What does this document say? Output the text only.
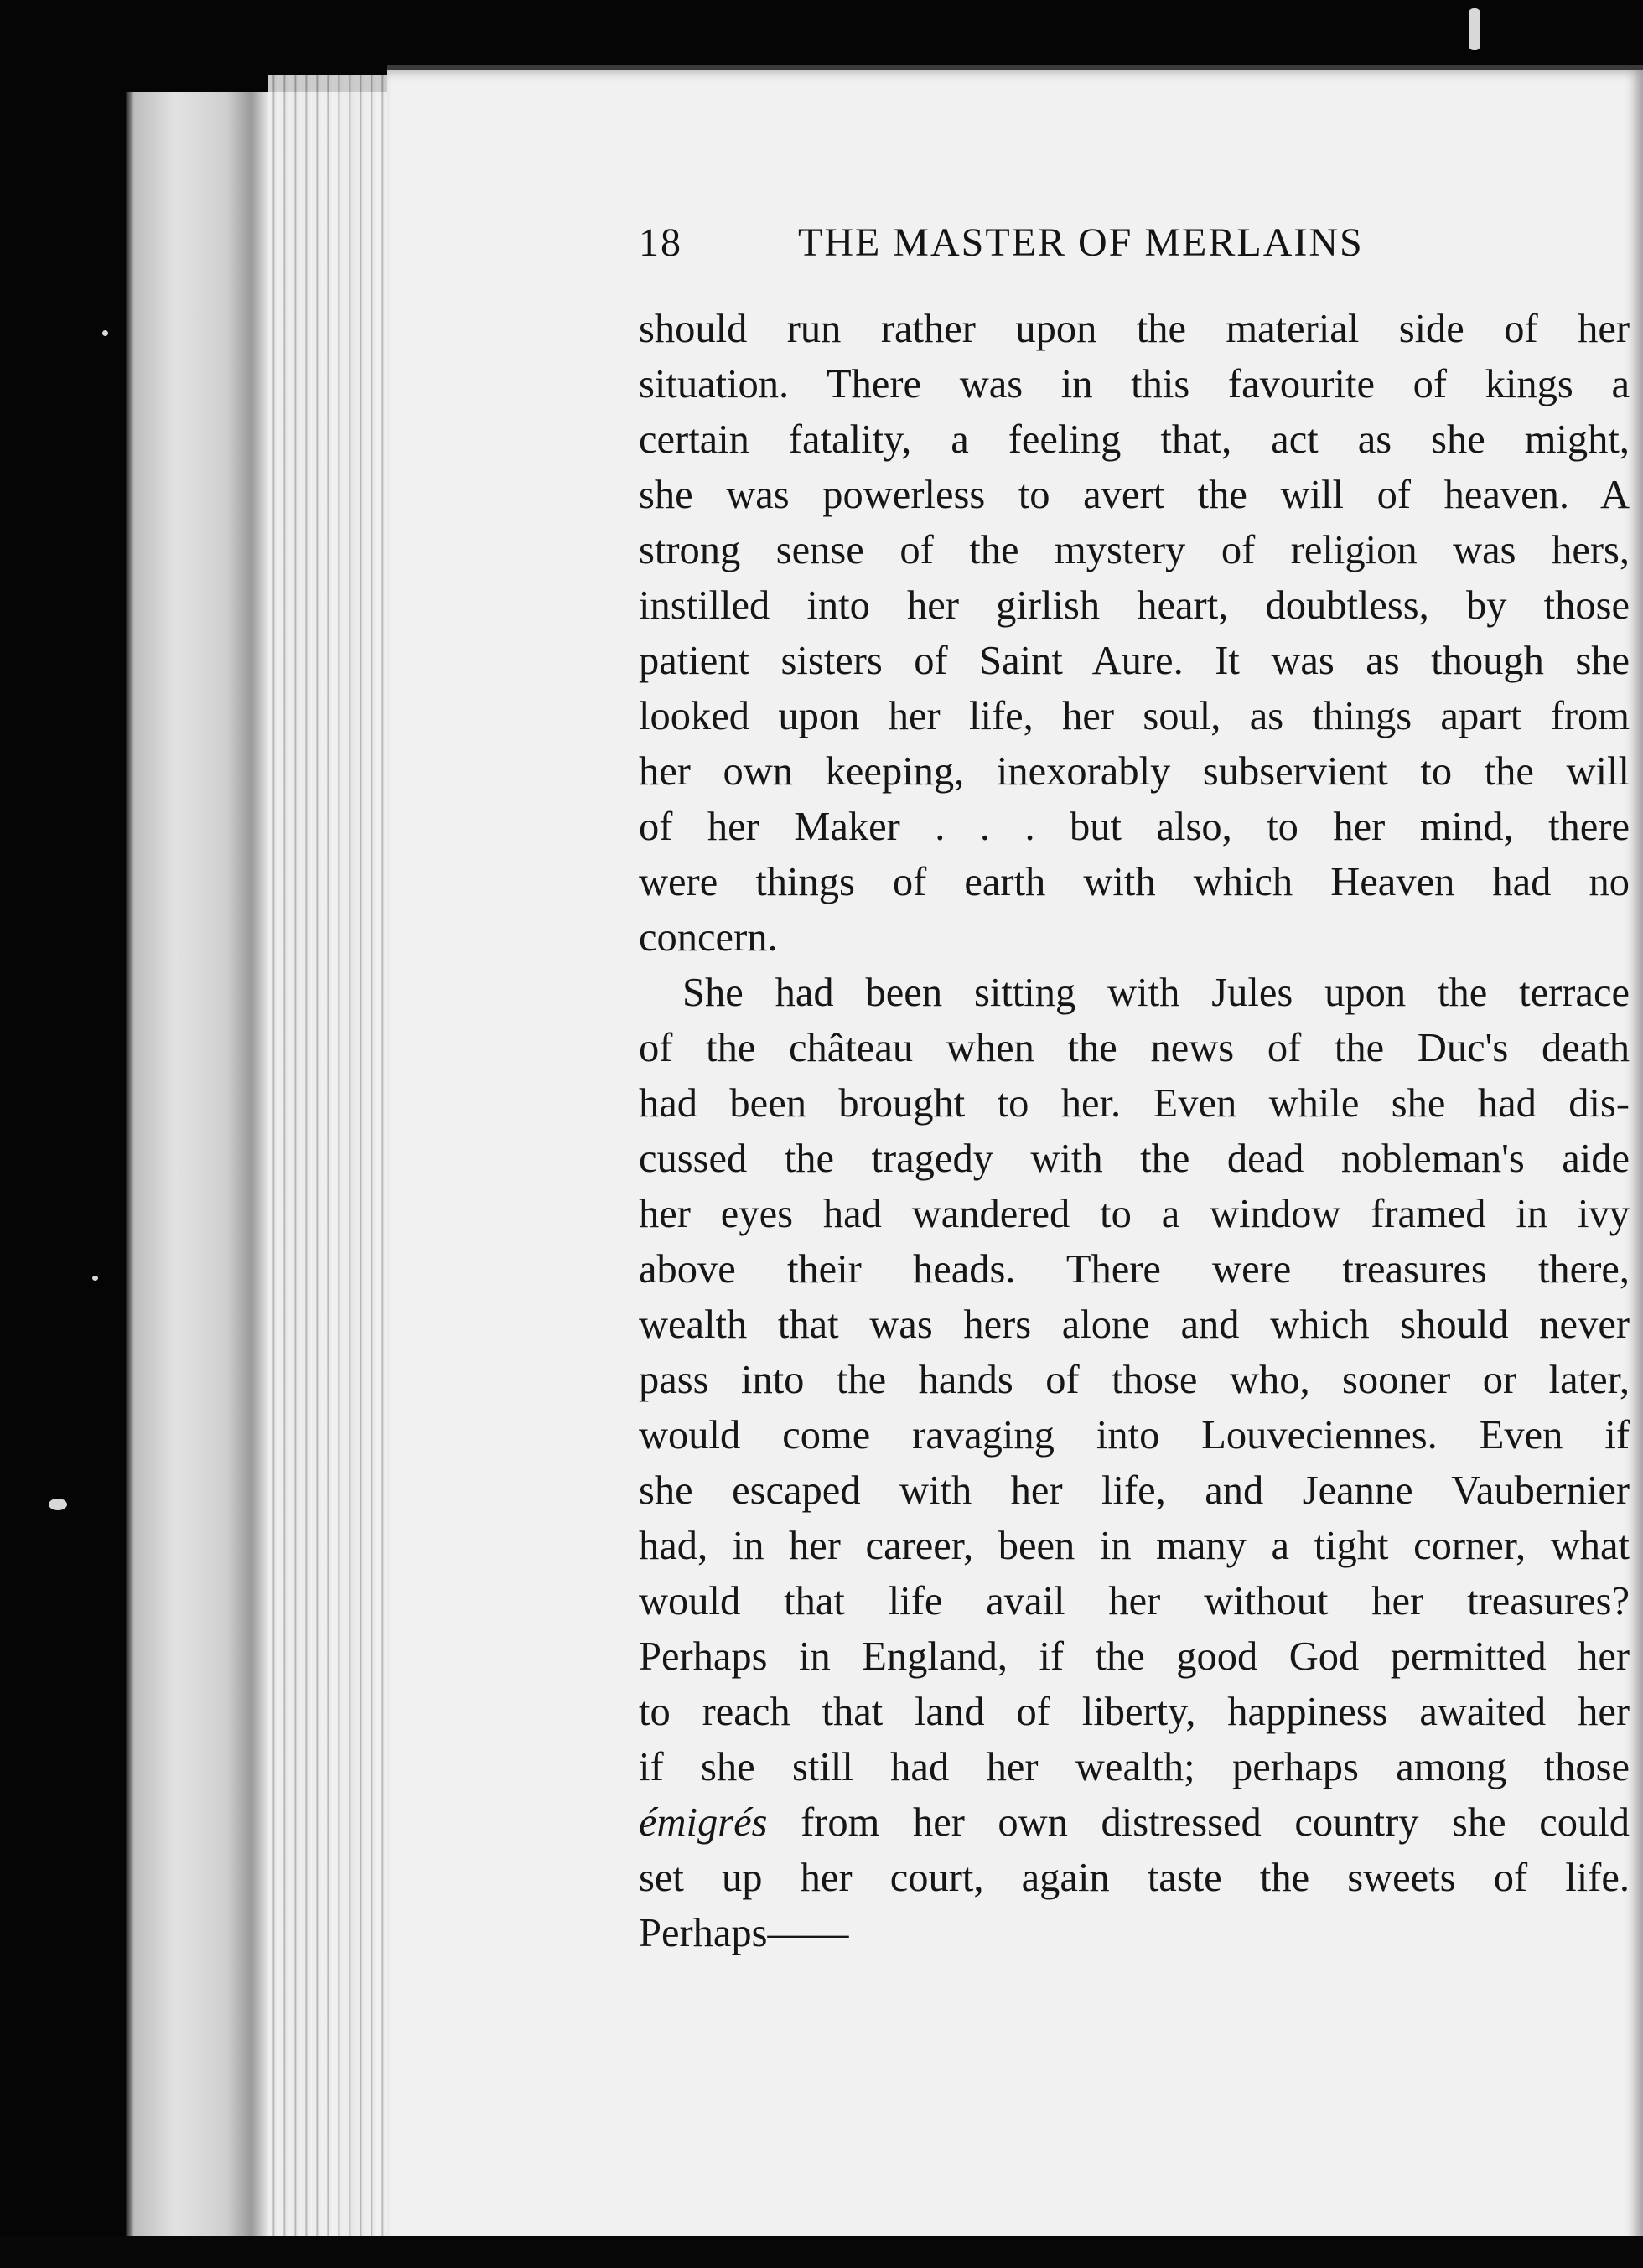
18	THE MASTER OF MERLAINS
should run rather upon the material side of her
situation. There was in this favourite of kings a
certain fatality, a feeling that, act as she might,
she was powerless to avert the will of heaven. A
strong sense of the mystery of religion was hers,
instilled into her girlish heart, doubtless, by those
patient sisters of Saint Aure. It was as though she
looked upon her life, her soul, as things apart from
her own keeping, inexorably subservient to the will
of her Maker . . . but also, to her mind, there
were things of earth with which Heaven had no
concern.
She had been sitting with Jules upon the terrace
of the château when the news of the Duc's death
had been brought to her. Even while she had dis-
cussed the tragedy with the dead nobleman's aide
her eyes had wandered to a window framed in ivy
above their heads. There were treasures there,
wealth that was hers alone and which should never
pass into the hands of those who, sooner or later,
would come ravaging into Louveciennes. Even if
she escaped with her life, and Jeanne Vaubernier
had, in her career, been in many a tight corner, what
would that life avail her without her treasures?
Perhaps in England, if the good God permitted her
to reach that land of liberty, happiness awaited her
if she still had her wealth; perhaps among those
émigrés from her own distressed country she could
set up her court, again taste the sweets of life.
Perhaps——
